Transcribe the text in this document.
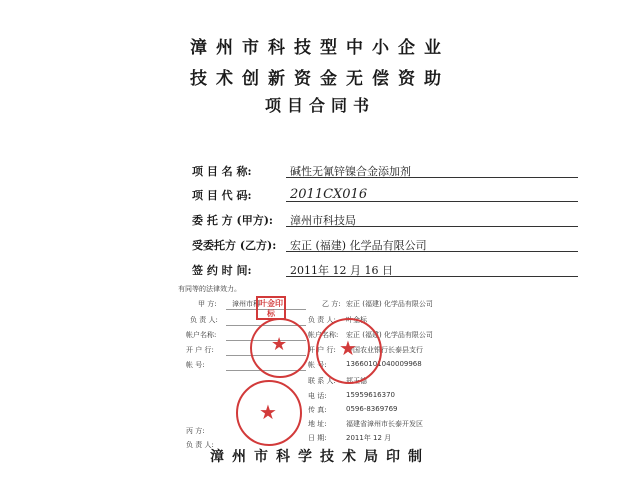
漳州市科技型中小企业
技术创新资金无偿资助
项目合同书
项 目 名 称:	碱性无氰锌镍合金添加剂
项 目 代 码:	2011CX016
委 托 方 (甲方):	漳州市科技局
受委托方 (乙方):	宏正 (福建) 化学品有限公司
签 约 时 间:	2011年 12 月 16 日
有同等的法律效力。
甲 方: 漳州市科
负 责 人:
帐户名称:
开 户 行:
帐 号:
丙 方:
负 责 人:
乙 方: 宏正 (福建) 化学品有限公司
负 责 人: 叶金标
帐户名称: 宏正 (福建) 化学品有限公司
开 户 行: 中国农业银行长泰县支行
帐 号:	13660101040009968
联 系 人: 郑玉德
电 话:	15959616370
传 真:	0596-8369769
地 址:	福建省漳州市长泰开发区
日 期:	2011年 12 月
叶金印标
★	★
★
漳州市科学技术局印制
